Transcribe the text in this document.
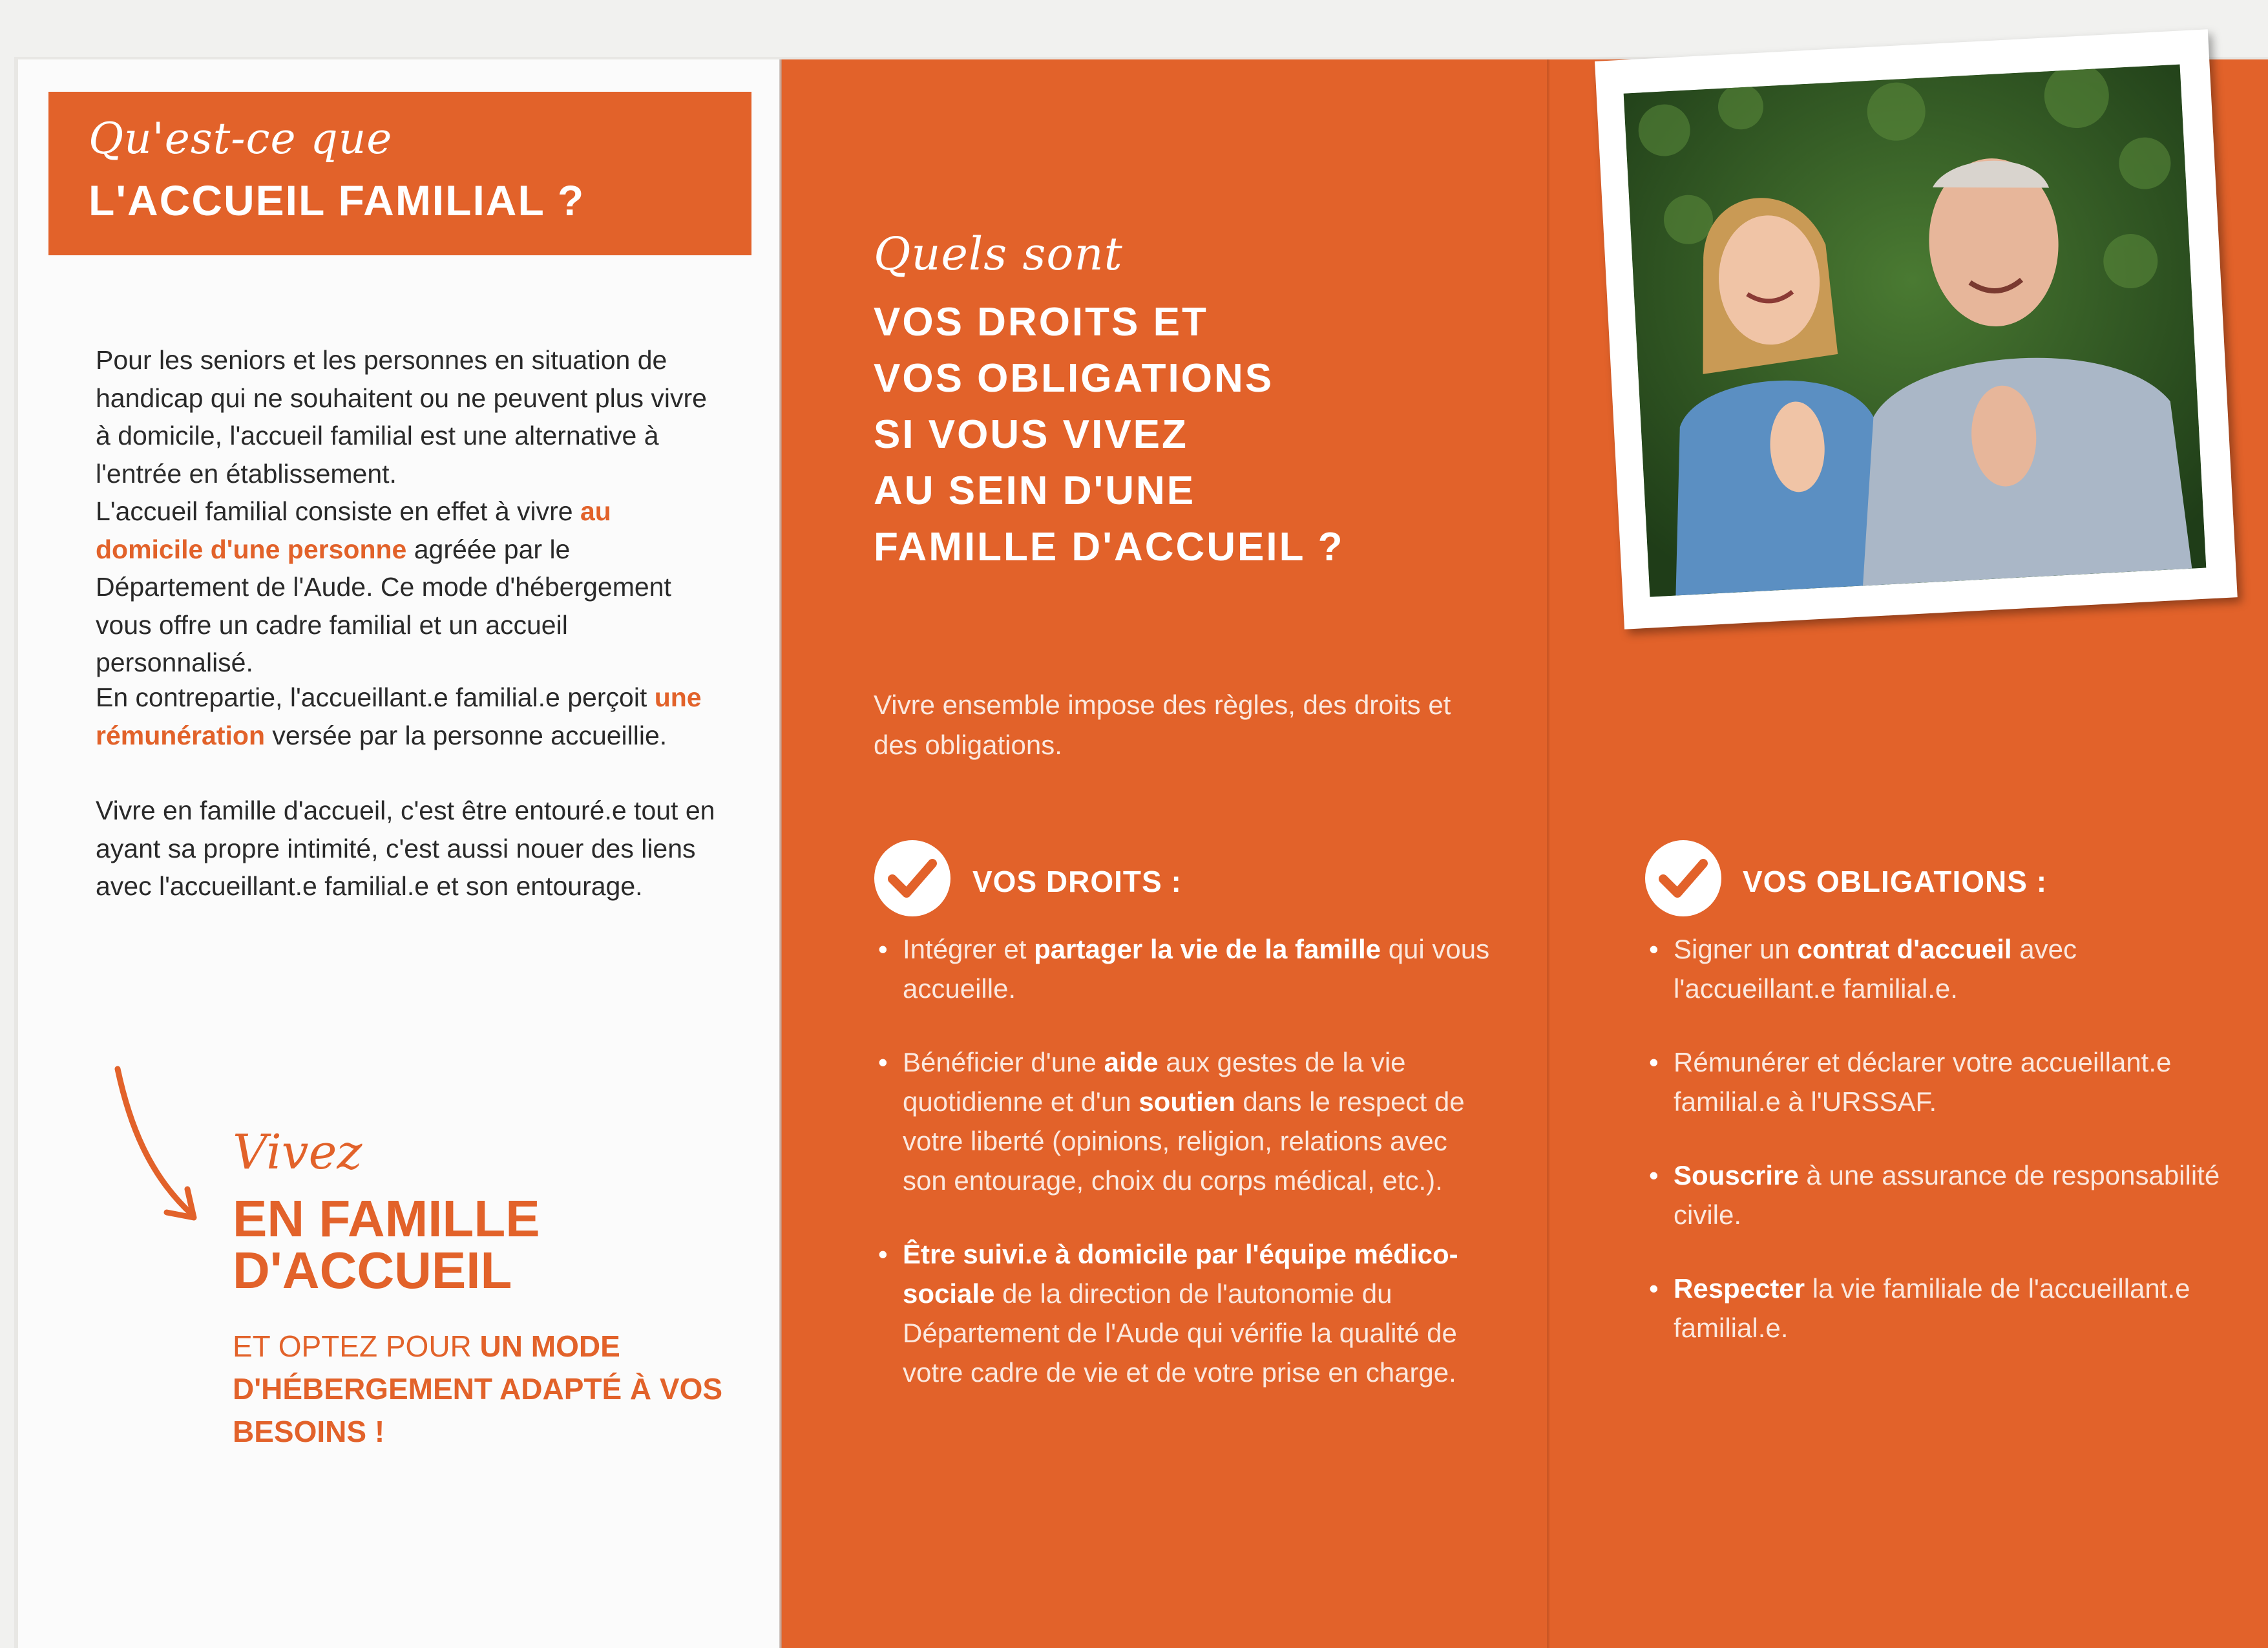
Qu'est-ce que
L'ACCUEIL FAMILIAL ?
Pour les seniors et les personnes en situation de handicap qui ne souhaitent ou ne peuvent plus vivre à domicile, l'accueil familial est une alternative à l'entrée en établissement.
L'accueil familial consiste en effet à vivre au domicile d'une personne agréée par le Département de l'Aude. Ce mode d'hébergement vous offre un cadre familial et un accueil personnalisé.
En contrepartie, l'accueillant.e familial.e perçoit une rémunération versée par la personne accueillie.
Vivre en famille d'accueil, c'est être entouré.e tout en ayant sa propre intimité, c'est aussi nouer des liens avec l'accueillant.e familial.e et son entourage.
Vivez
EN FAMILLE
D'ACCUEIL
ET OPTEZ POUR UN MODE D'HÉBERGEMENT ADAPTÉ À VOS BESOINS !
Quels sont
VOS DROITS ET
VOS OBLIGATIONS
SI VOUS VIVEZ
AU SEIN D'UNE
FAMILLE D'ACCUEIL ?
Vivre ensemble impose des règles, des droits et des obligations.
VOS DROITS :
• Intégrer et partager la vie de la famille qui vous accueille.
• Bénéficier d'une aide aux gestes de la vie quotidienne et d'un soutien dans le respect de votre liberté (opinions, religion, relations avec son entourage, choix du corps médical, etc.).
• Être suivi.e à domicile par l'équipe médico-sociale de la direction de l'autonomie du Département de l'Aude qui vérifie la qualité de votre cadre de vie et de votre prise en charge.
VOS OBLIGATIONS :
• Signer un contrat d'accueil avec l'accueillant.e familial.e.
• Rémunérer et déclarer votre accueillant.e familial.e à l'URSSAF.
• Souscrire à une assurance de responsabilité civile.
• Respecter la vie familiale de l'accueillant.e familial.e.
